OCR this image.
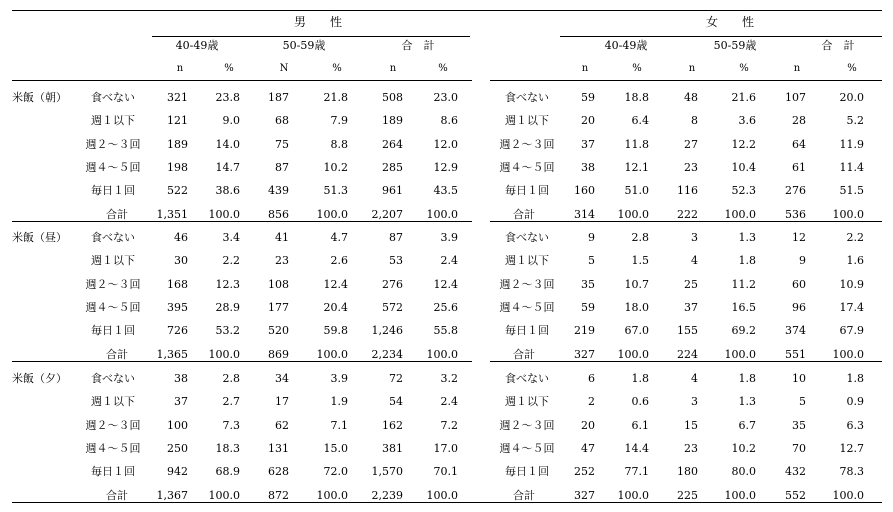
男　　性	女　　性
40-49歳	50-59歳	合　計	40-49歳	50-59歳	合　計
n	%	N	%	n	%	n	%	n	%	n	%
米飯（朝） 食べない	321	23.8	187	21.8	508	23.0	食べない	59	18.8	48	21.6	107	20.0
週１以下	121	9.0	68	7.9	189	8.6	週１以下	20	6.4	8	3.6	28	5.2
週２～３回 189	14.0	75	8.8	264	12.0	週２～３回 37	11.8	27	12.2	64	11.9
週４～５回 198	14.7	87	10.2	285	12.9	週４～５回 38	12.1	23	10.4	61	11.4
毎日１回	522	38.6	439	51.3	961	43.5	毎日１回 160	51.0	116	52.3	276	51.5
合計	1,351 100.0	856	100.0 2,207 100.0	合計	314 100.0	222 100.0	536 100.0
米飯（昼） 食べない	46	3.4	41	4.7	87	3.9	食べない	9	2.8	3	1.3	12	2.2
週１以下	30	2.2	23	2.6	53	2.4	週１以下	5	1.5	4	1.8	9	1.6
週２～３回 168	12.3	108	12.4	276	12.4	週２～３回 35	10.7	25	11.2	60	10.9
週４～５回 395	28.9	177	20.4	572	25.6	週４～５回 59	18.0	37	16.5	96	17.4
毎日１回	726	53.2	520	59.8 1,246	55.8	毎日１回 219	67.0	155	69.2	374	67.9
合計	1,365 100.0	869	100.0 2,234 100.0	合計	327 100.0	224 100.0	551 100.0
米飯（夕） 食べない	38	2.8	34	3.9	72	3.2	食べない	6	1.8	4	1.8	10	1.8
週１以下	37	2.7	17	1.9	54	2.4	週１以下	2	0.6	3	1.3	5	0.9
週２～３回 100	7.3	62	7.1	162	7.2	週２～３回 20	6.1	15	6.7	35	6.3
週４～５回 250	18.3	131	15.0	381	17.0	週４～５回 47	14.4	23	10.2	70	12.7
毎日１回	942	68.9	628	72.0 1,570	70.1	毎日１回 252	77.1	180	80.0	432	78.3
合計	1,367 100.0	872	100.0 2,239 100.0	合計	327 100.0	225 100.0	552 100.0
